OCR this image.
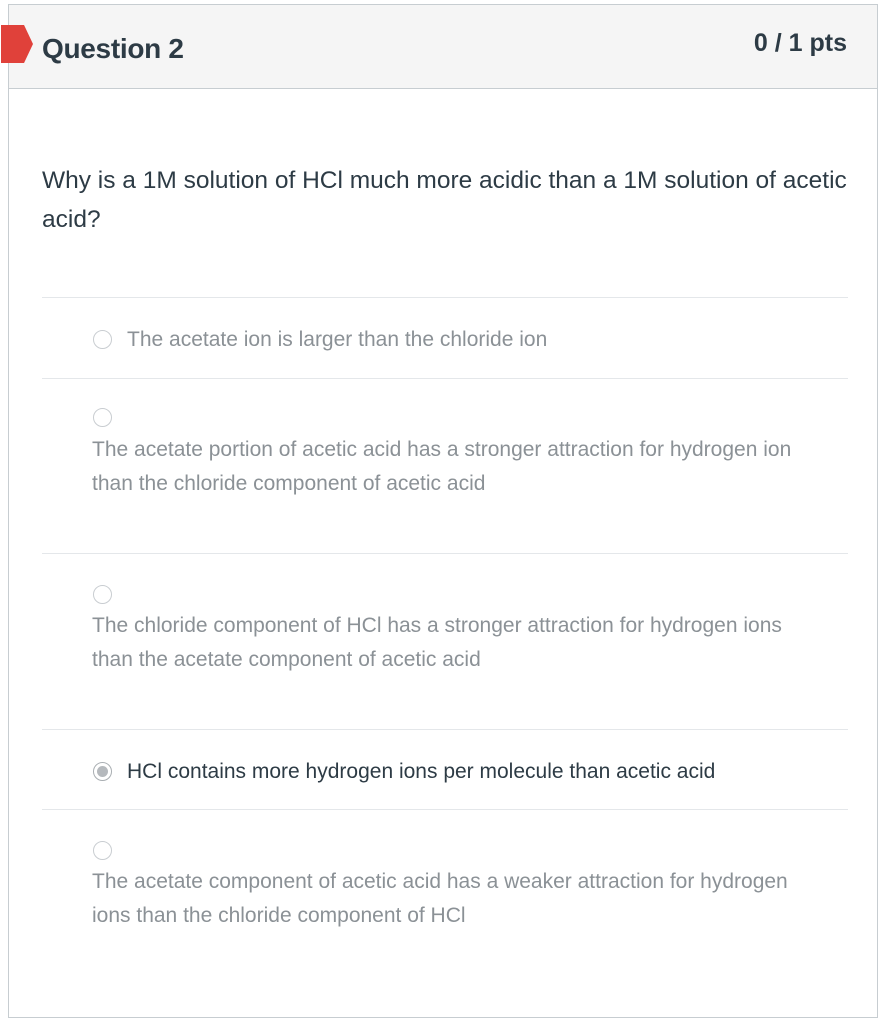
Question 2	0 / 1 pts
Why is a 1M solution of HCl much more acidic than a 1M solution of acetic acid?
The acetate ion is larger than the chloride ion
The acetate portion of acetic acid has a stronger attraction for hydrogen ion than the chloride component of acetic acid
The chloride component of HCl has a stronger attraction for hydrogen ions than the acetate component of acetic acid
HCl contains more hydrogen ions per molecule than acetic acid
The acetate component of acetic acid has a weaker attraction for hydrogen ions than the chloride component of HCl
